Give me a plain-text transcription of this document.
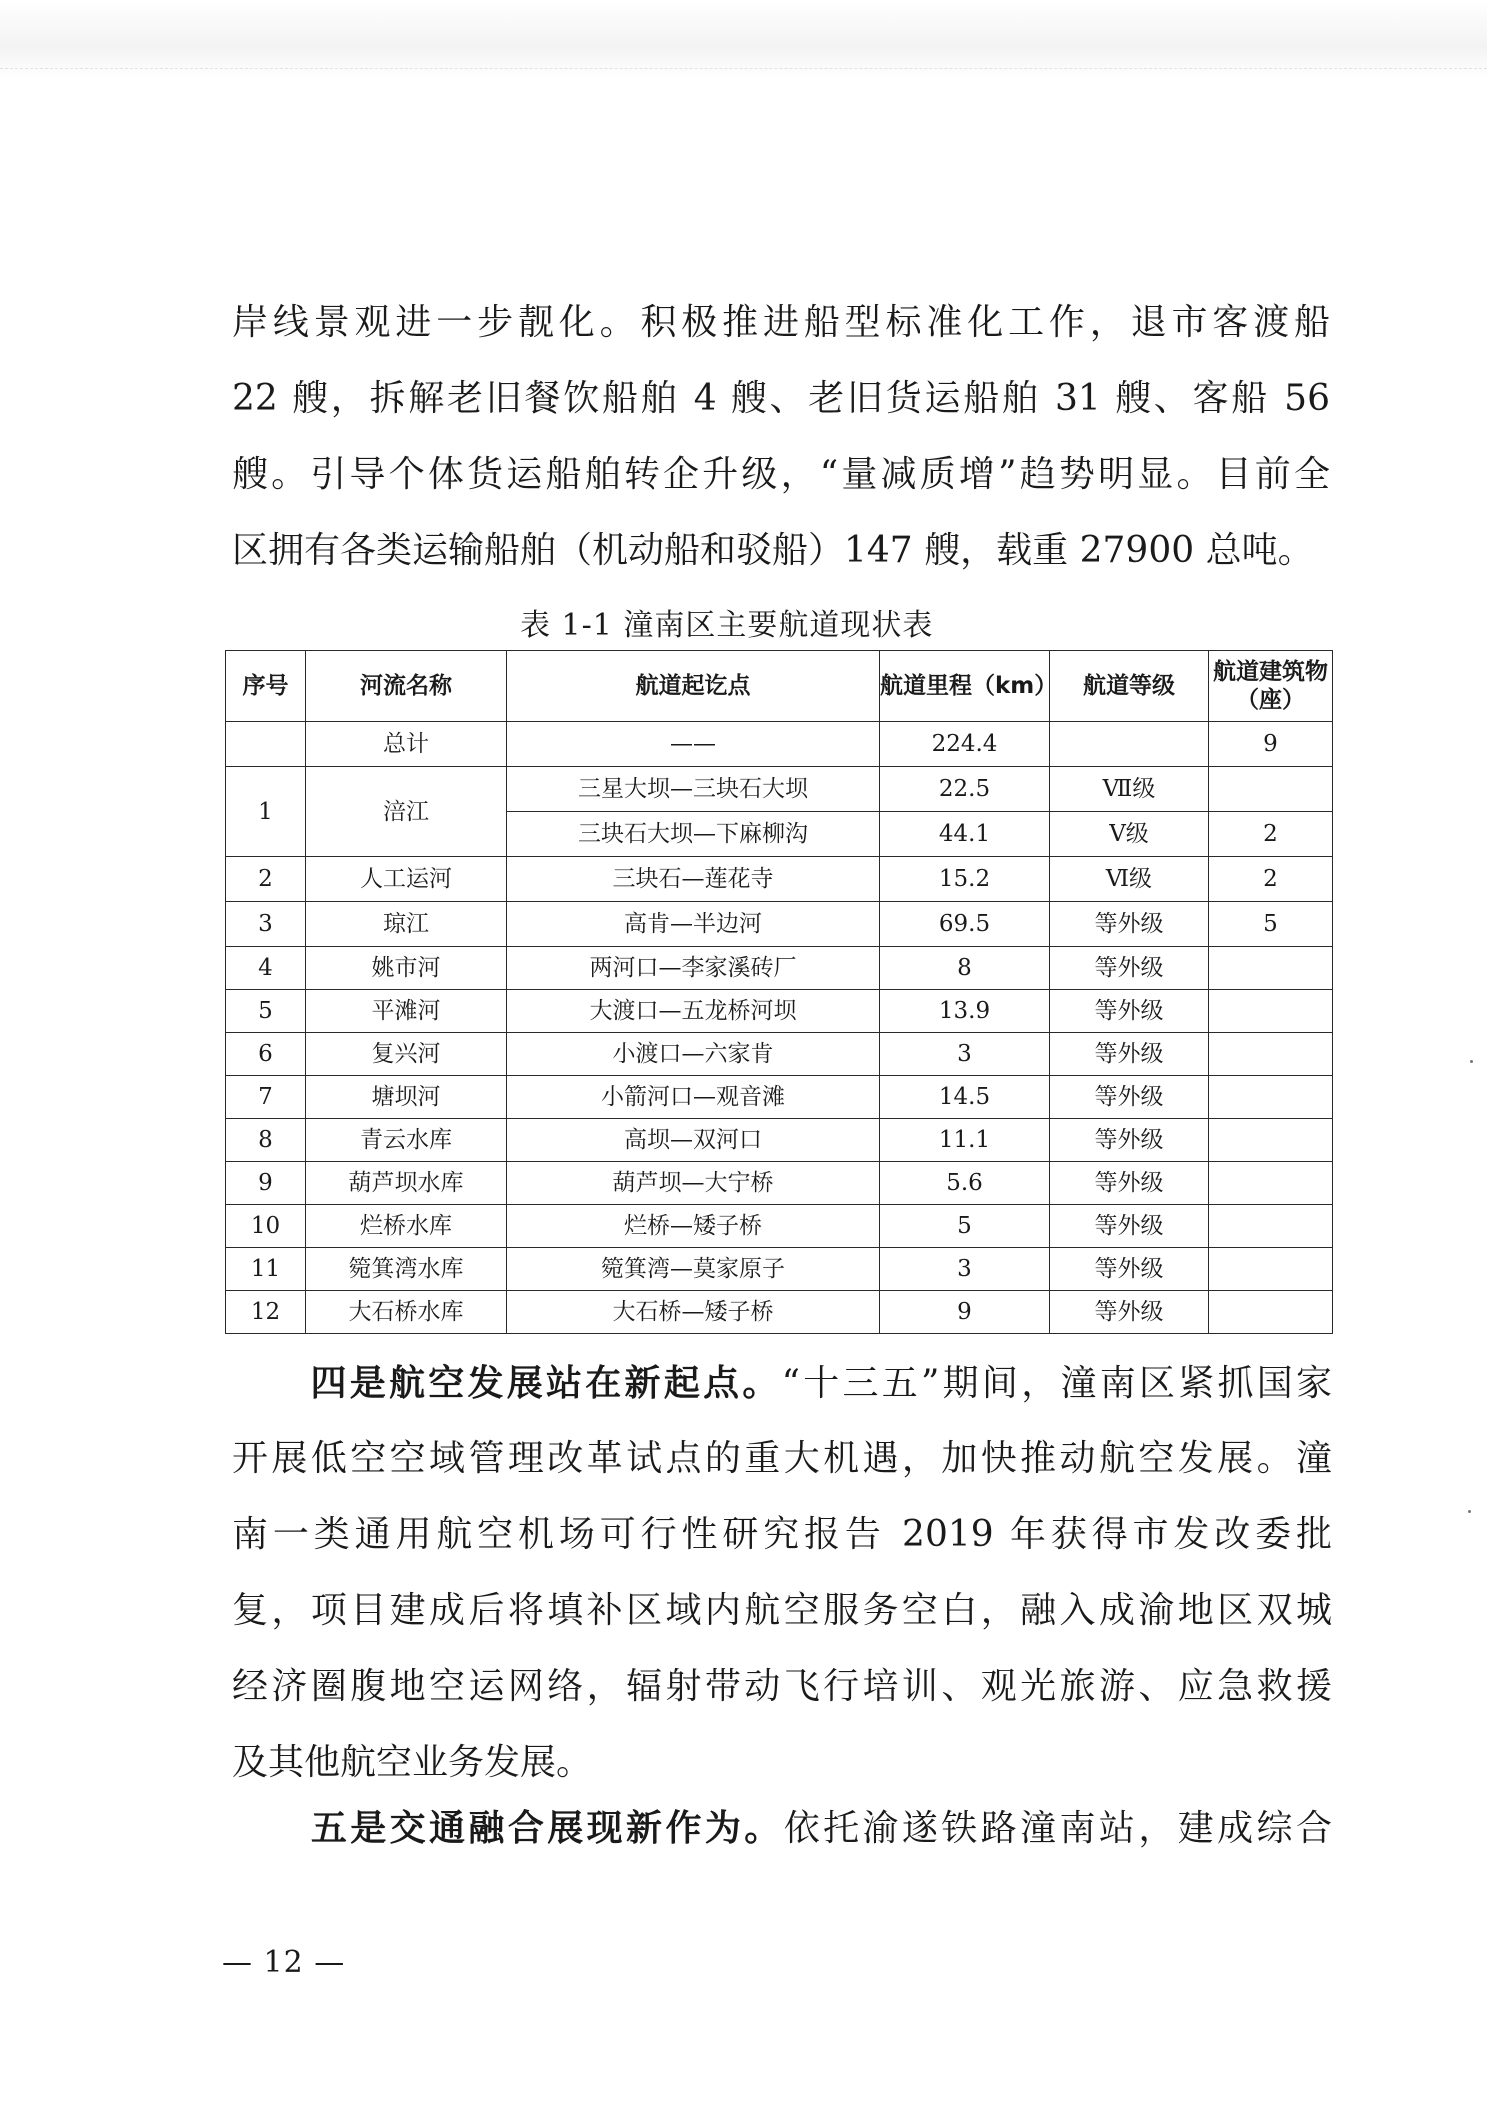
岸线景观进一步靓化。积极推进船型标准化工作，退市客渡船
22 艘，拆解老旧餐饮船舶 4 艘、老旧货运船舶 31 艘、客船 56
艘。引导个体货运船舶转企升级，“量减质增”趋势明显。目前全
区拥有各类运输船舶（机动船和驳船）147 艘，载重 27900 总吨。
表 1-1 潼南区主要航道现状表
序号	河流名称	航道起讫点	航道里程（km）	航道等级	航道建筑物（座）
	总计	——	224.4		9
1	涪江	三星大坝—三块石大坝	22.5	Ⅶ级	
		三块石大坝—下麻柳沟	44.1	Ⅴ级	2
2	人工运河	三块石—莲花寺	15.2	Ⅵ级	2
3	琼江	高肯—半边河	69.5	等外级	5
4	姚市河	两河口—李家溪砖厂	8	等外级	
5	平滩河	大渡口—五龙桥河坝	13.9	等外级	
6	复兴河	小渡口—六家肯	3	等外级	
7	塘坝河	小箭河口—观音滩	14.5	等外级	
8	青云水库	高坝—双河口	11.1	等外级	
9	葫芦坝水库	葫芦坝—大宁桥	5.6	等外级	
10	烂桥水库	烂桥—矮子桥	5	等外级	
11	箢箕湾水库	箢箕湾—莫家原子	3	等外级	
12	大石桥水库	大石桥—矮子桥	9	等外级	
　　四是航空发展站在新起点。“十三五”期间，潼南区紧抓国家
开展低空空域管理改革试点的重大机遇，加快推动航空发展。潼
南一类通用航空机场可行性研究报告 2019 年获得市发改委批
复，项目建成后将填补区域内航空服务空白，融入成渝地区双城
经济圈腹地空运网络，辐射带动飞行培训、观光旅游、应急救援
及其他航空业务发展。
　　五是交通融合展现新作为。依托渝遂铁路潼南站，建成综合
— 12 —
